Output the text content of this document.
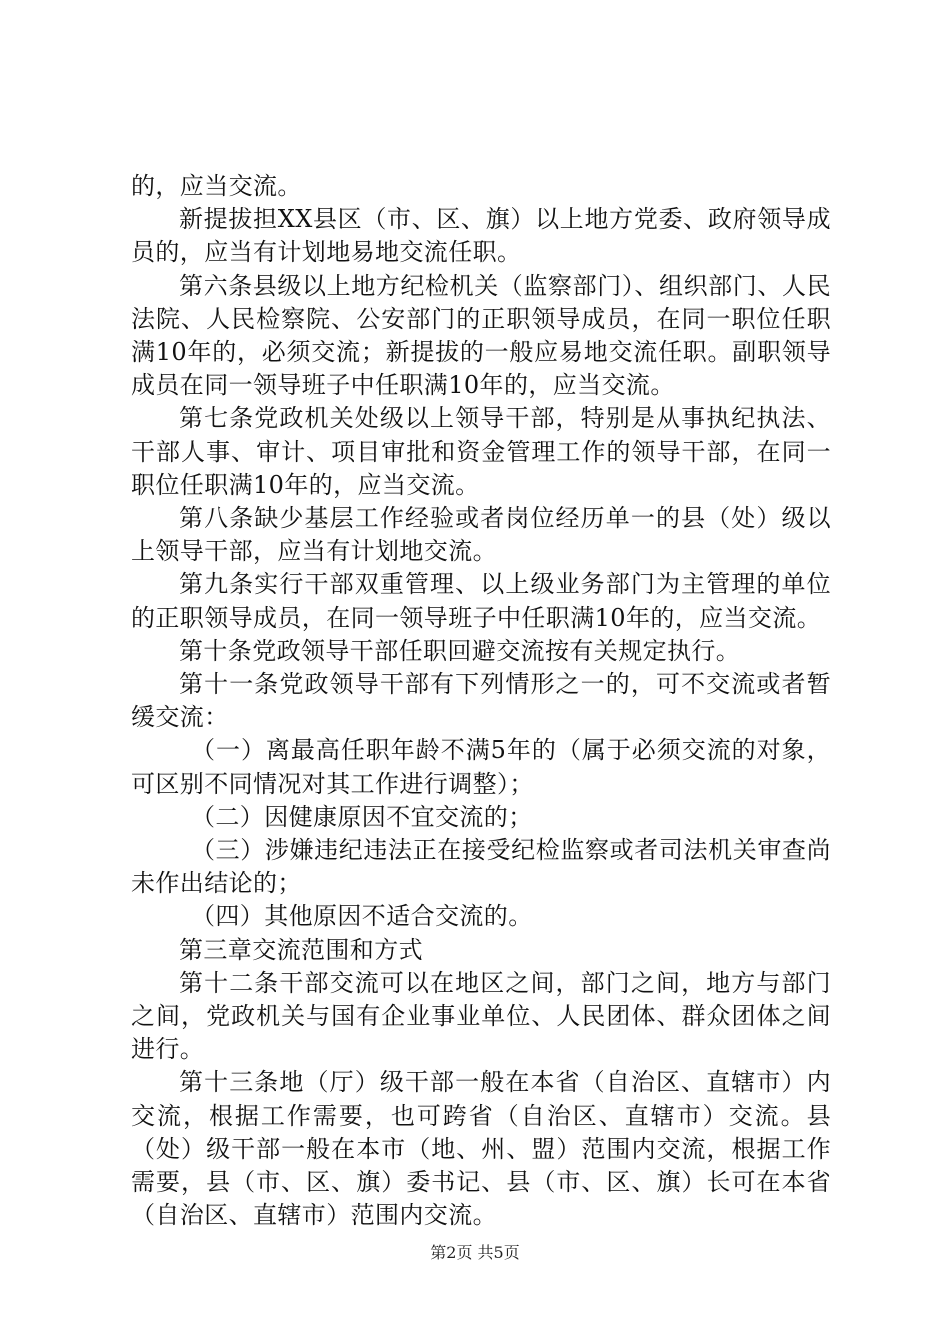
的，应当交流。

新提拔担XX县区（市、区、旗）以上地方党委、政府领导成员的，应当有计划地易地交流任职。

第六条县级以上地方纪检机关（监察部门）、组织部门、人民法院、人民检察院、公安部门的正职领导成员，在同一职位任职满10年的，必须交流；新提拔的一般应易地交流任职。副职领导成员在同一领导班子中任职满10年的，应当交流。

第七条党政机关处级以上领导干部，特别是从事执纪执法、干部人事、审计、项目审批和资金管理工作的领导干部，在同一职位任职满10年的，应当交流。

第八条缺少基层工作经验或者岗位经历单一的县（处）级以上领导干部，应当有计划地交流。

第九条实行干部双重管理、以上级业务部门为主管理的单位的正职领导成员，在同一领导班子中任职满10年的，应当交流。

第十条党政领导干部任职回避交流按有关规定执行。

第十一条党政领导干部有下列情形之一的，可不交流或者暂缓交流：

（一）离最高任职年龄不满5年的（属于必须交流的对象，可区别不同情况对其工作进行调整）；

（二）因健康原因不宜交流的；

（三）涉嫌违纪违法正在接受纪检监察或者司法机关审查尚未作出结论的；

（四）其他原因不适合交流的。

第三章交流范围和方式

第十二条干部交流可以在地区之间，部门之间，地方与部门之间，党政机关与国有企业事业单位、人民团体、群众团体之间进行。

第十三条地（厅）级干部一般在本省（自治区、直辖市）内交流，根据工作需要，也可跨省（自治区、直辖市）交流。县（处）级干部一般在本市（地、州、盟）范围内交流，根据工作需要，县（市、区、旗）委书记、县（市、区、旗）长可在本省（自治区、直辖市）范围内交流。

第2页 共5页
